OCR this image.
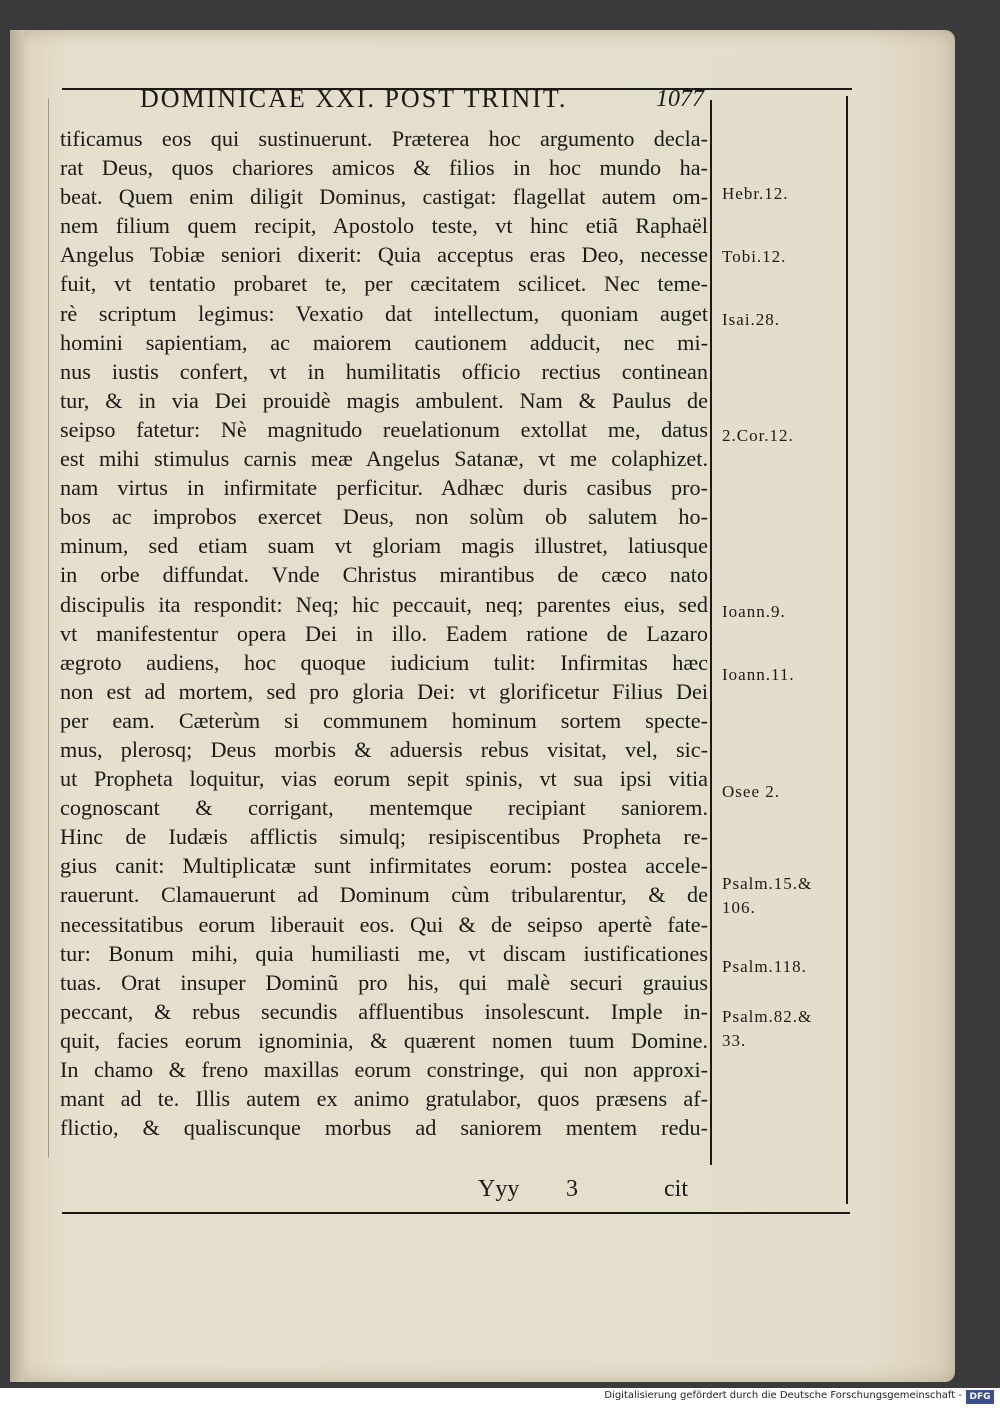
DOMINICAE XXI. POST TRINIT.	1077
tificamus eos qui sustinuerunt. Præterea hoc argumento decla-
rat Deus, quos chariores amicos & filios in hoc mundo ha-
beat. Quem enim diligit Dominus, castigat: flagellat autem om-
nem filium quem recipit, Apostolo teste, vt hinc etiã Raphaël
Angelus Tobiæ seniori dixerit: Quia acceptus eras Deo, necesse
fuit, vt tentatio probaret te, per cæcitatem scilicet. Nec teme-
rè scriptum legimus: Vexatio dat intellectum, quoniam auget
homini sapientiam, ac maiorem cautionem adducit, nec mi-
nus iustis confert, vt in humilitatis officio rectius continean
tur, & in via Dei prouidè magis ambulent. Nam & Paulus de
seipso fatetur: Nè magnitudo reuelationum extollat me, datus
est mihi stimulus carnis meæ Angelus Satanæ, vt me colaphizet.
nam virtus in infirmitate perficitur. Adhæc duris casibus pro-
bos ac improbos exercet Deus, non solùm ob salutem ho-
minum, sed etiam suam vt gloriam magis illustret, latiusque
in orbe diffundat. Vnde Christus mirantibus de cæco nato
discipulis ita respondit: Neq; hic peccauit, neq; parentes eius, sed
vt manifestentur opera Dei in illo. Eadem ratione de Lazaro
ægroto audiens, hoc quoque iudicium tulit: Infirmitas hæc
non est ad mortem, sed pro gloria Dei: vt glorificetur Filius Dei
per eam. Cæterùm si communem hominum sortem specte-
mus, plerosq; Deus morbis & aduersis rebus visitat, vel, sic-
ut Propheta loquitur, vias eorum sepit spinis, vt sua ipsi vitia
cognoscant & corrigant, mentemque recipiant saniorem.
Hinc de Iudæis afflictis simulq; resipiscentibus Propheta re-
gius canit: Multiplicatæ sunt infirmitates eorum: postea accele-
rauerunt. Clamauerunt ad Dominum cùm tribularentur, & de
necessitatibus eorum liberauit eos. Qui & de seipso apertè fate-
tur: Bonum mihi, quia humiliasti me, vt discam iustificationes
tuas. Orat insuper Dominũ pro his, qui malè securi grauius
peccant, & rebus secundis affluentibus insolescunt. Imple in-
quit, facies eorum ignominia, & quærent nomen tuum Domine.
In chamo & freno maxillas eorum constringe, qui non approxi-
mant ad te. Illis autem ex animo gratulabor, quos præsens af-
flictio, & qualiscunque morbus ad saniorem mentem redu-
Hebr.12.
Tobi.12.
Isai.28.
2.Cor.12.
Ioann.9.
Ioann.11.
Osee 2.
Psalm.15.&
106.
Psalm.118.
Psalm.82.&
33.
Yyy 3	cit
Digitalisierung gefördert durch die Deutsche Forschungsgemeinschaft - DFG
